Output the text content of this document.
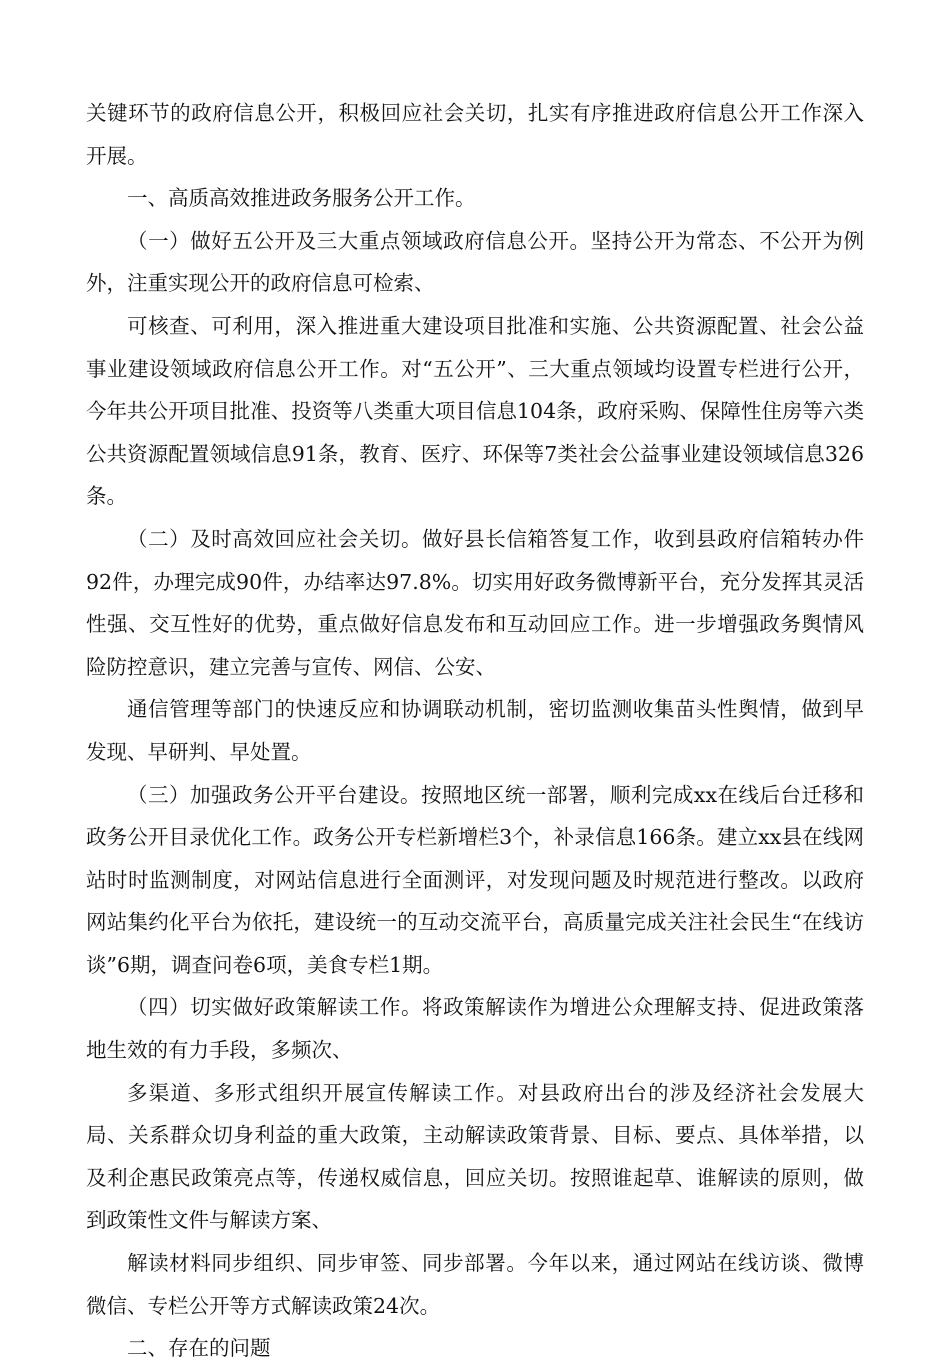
关键环节的政府信息公开，积极回应社会关切，扎实有序推进政府信息公开工作深入开展。

一、高质高效推进政务服务公开工作。

（一）做好五公开及三大重点领域政府信息公开。坚持公开为常态、不公开为例外，注重实现公开的政府信息可检索、

可核查、可利用，深入推进重大建设项目批准和实施、公共资源配置、社会公益事业建设领域政府信息公开工作。对“五公开”、三大重点领域均设置专栏进行公开，今年共公开项目批准、投资等八类重大项目信息104条，政府采购、保障性住房等六类公共资源配置领域信息91条，教育、医疗、环保等7类社会公益事业建设领域信息326条。

（二）及时高效回应社会关切。做好县长信箱答复工作，收到县政府信箱转办件92件，办理完成90件，办结率达97.8%。切实用好政务微博新平台，充分发挥其灵活性强、交互性好的优势，重点做好信息发布和互动回应工作。进一步增强政务舆情风险防控意识，建立完善与宣传、网信、公安、

通信管理等部门的快速反应和协调联动机制，密切监测收集苗头性舆情，做到早发现、早研判、早处置。

（三）加强政务公开平台建设。按照地区统一部署，顺利完成xx在线后台迁移和政务公开目录优化工作。政务公开专栏新增栏3个，补录信息166条。建立xx县在线网站时时监测制度，对网站信息进行全面测评，对发现问题及时规范进行整改。以政府网站集约化平台为依托，建设统一的互动交流平台，高质量完成关注社会民生“在线访谈”6期，调查问卷6项，美食专栏1期。

（四）切实做好政策解读工作。将政策解读作为增进公众理解支持、促进政策落地生效的有力手段，多频次、

多渠道、多形式组织开展宣传解读工作。对县政府出台的涉及经济社会发展大局、关系群众切身利益的重大政策，主动解读政策背景、目标、要点、具体举措，以及利企惠民政策亮点等，传递权威信息，回应关切。按照谁起草、谁解读的原则，做到政策性文件与解读方案、

解读材料同步组织、同步审签、同步部署。今年以来，通过网站在线访谈、微博微信、专栏公开等方式解读政策24次。

二、存在的问题
